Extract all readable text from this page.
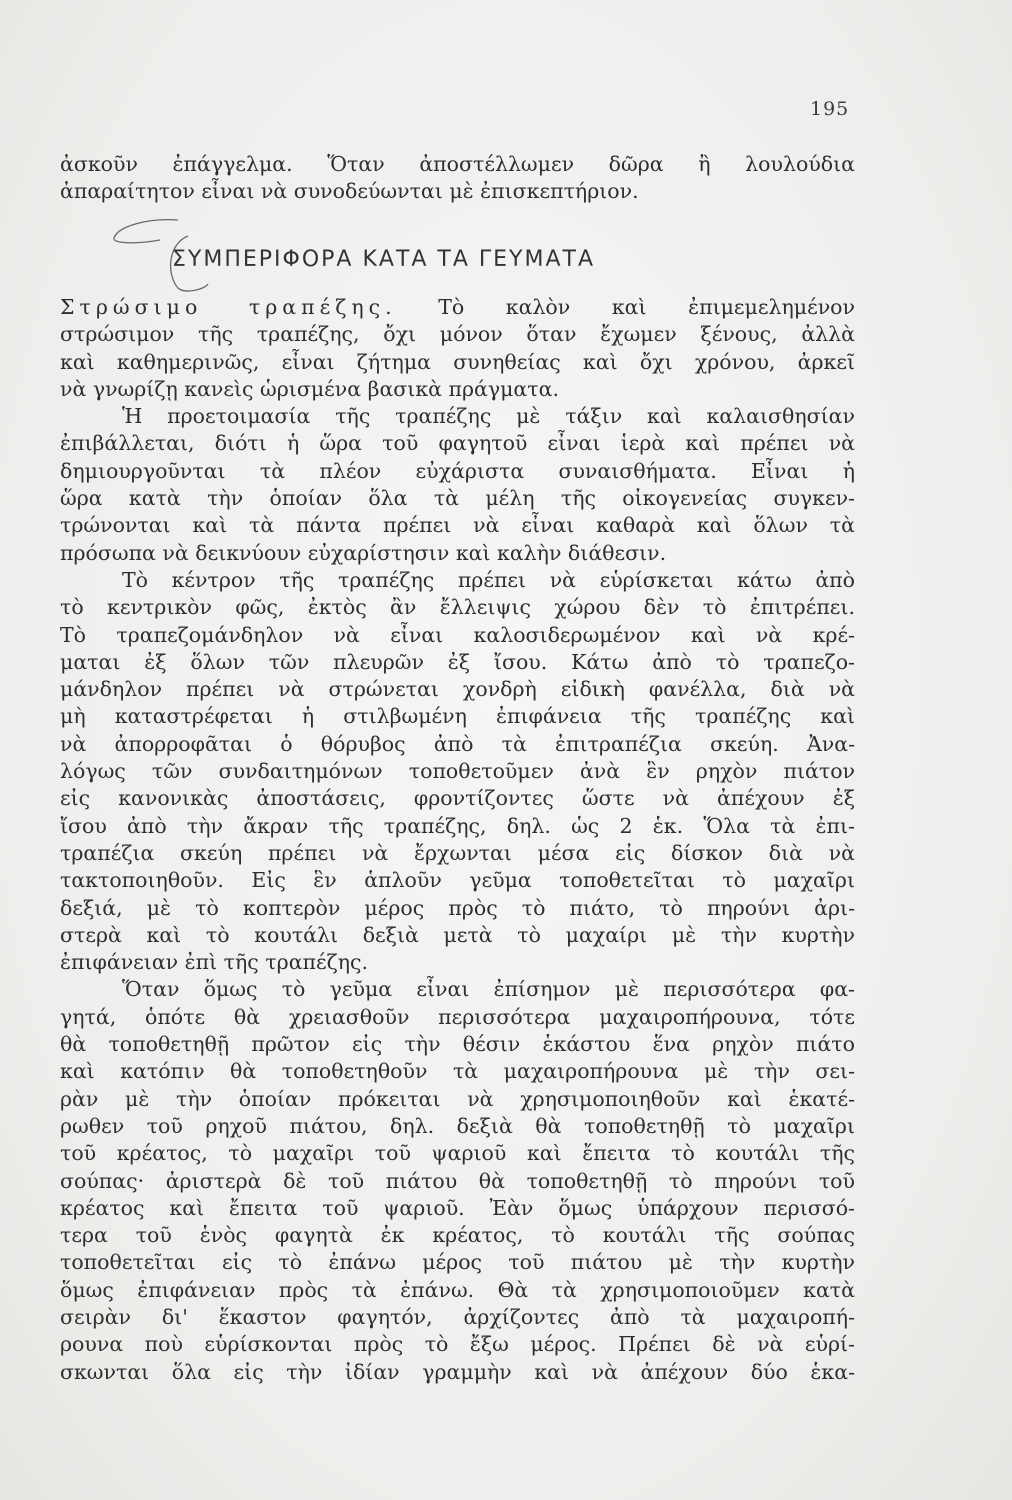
195
ἀσκοῦν ἐπάγγελμα. Ὅταν ἀποστέλλωμεν δῶρα ἢ λουλούδια
ἀπαραίτητον εἶναι νὰ συνοδεύωνται μὲ ἐπισκεπτήριον.
ΣΥΜΠΕΡΙΦΟΡΑ ΚΑΤΑ ΤΑ ΓΕΥΜΑΤΑ
Στρώσιμο τραπέζης. Τὸ καλὸν καὶ ἐπιμεμελημένον
στρώσιμον τῆς τραπέζης, ὄχι μόνον ὅταν ἔχωμεν ξένους, ἀλλὰ
καὶ καθημερινῶς, εἶναι ζήτημα συνηθείας καὶ ὄχι χρόνου, ἀρκεῖ
νὰ γνωρίζῃ κανεὶς ὡρισμένα βασικὰ πράγματα.
Ἡ προετοιμασία τῆς τραπέζης μὲ τάξιν καὶ καλαισθησίαν
ἐπιβάλλεται, διότι ἡ ὥρα τοῦ φαγητοῦ εἶναι ἱερὰ καὶ πρέπει νὰ
δημιουργοῦνται τὰ πλέον εὐχάριστα συναισθήματα. Εἶναι ἡ
ὥρα κατὰ τὴν ὁποίαν ὅλα τὰ μέλη τῆς οἰκογενείας συγκεν-
τρώνονται καὶ τὰ πάντα πρέπει νὰ εἶναι καθαρὰ καὶ ὅλων τὰ
πρόσωπα νὰ δεικνύουν εὐχαρίστησιν καὶ καλὴν διάθεσιν.
Τὸ κέντρον τῆς τραπέζης πρέπει νὰ εὑρίσκεται κάτω ἀπὸ
τὸ κεντρικὸν φῶς, ἐκτὸς ἂν ἔλλειψις χώρου δὲν τὸ ἐπιτρέπει.
Τὸ τραπεζομάνδηλον νὰ εἶναι καλοσιδερωμένον καὶ νὰ κρέ-
μαται ἐξ ὅλων τῶν πλευρῶν ἐξ ἴσου. Κάτω ἀπὸ τὸ τραπεζο-
μάνδηλον πρέπει νὰ στρώνεται χονδρὴ εἰδικὴ φανέλλα, διὰ νὰ
μὴ καταστρέφεται ἡ στιλβωμένη ἐπιφάνεια τῆς τραπέζης καὶ
νὰ ἀπορροφᾶται ὁ θόρυβος ἀπὸ τὰ ἐπιτραπέζια σκεύη. Ἀνα-
λόγως τῶν συνδαιτημόνων τοποθετοῦμεν ἀνὰ ἓν ρηχὸν πιάτον
εἰς κανονικὰς ἀποστάσεις, φροντίζοντες ὥστε νὰ ἀπέχουν ἐξ
ἴσου ἀπὸ τὴν ἄκραν τῆς τραπέζης, δηλ. ὡς 2 ἑκ. Ὅλα τὰ ἐπι-
τραπέζια σκεύη πρέπει νὰ ἔρχωνται μέσα εἰς δίσκον διὰ νὰ
τακτοποιηθοῦν. Εἰς ἓν ἁπλοῦν γεῦμα τοποθετεῖται τὸ μαχαῖρι
δεξιά, μὲ τὸ κοπτερὸν μέρος πρὸς τὸ πιάτο, τὸ πηρούνι ἀρι-
στερὰ καὶ τὸ κουτάλι δεξιὰ μετὰ τὸ μαχαίρι μὲ τὴν κυρτὴν
ἐπιφάνειαν ἐπὶ τῆς τραπέζης.
Ὅταν ὅμως τὸ γεῦμα εἶναι ἐπίσημον μὲ περισσότερα φα-
γητά, ὁπότε θὰ χρειασθοῦν περισσότερα μαχαιροπήρουνα, τότε
θὰ τοποθετηθῇ πρῶτον εἰς τὴν θέσιν ἑκάστου ἕνα ρηχὸν πιάτο
καὶ κατόπιν θὰ τοποθετηθοῦν τὰ μαχαιροπήρουνα μὲ τὴν σει-
ρὰν μὲ τὴν ὁποίαν πρόκειται νὰ χρησιμοποιηθοῦν καὶ ἑκατέ-
ρωθεν τοῦ ρηχοῦ πιάτου, δηλ. δεξιὰ θὰ τοποθετηθῇ τὸ μαχαῖρι
τοῦ κρέατος, τὸ μαχαῖρι τοῦ ψαριοῦ καὶ ἔπειτα τὸ κουτάλι τῆς
σούπας· ἀριστερὰ δὲ τοῦ πιάτου θὰ τοποθετηθῇ τὸ πηρούνι τοῦ
κρέατος καὶ ἔπειτα τοῦ ψαριοῦ. Ἐὰν ὅμως ὑπάρχουν περισσό-
τερα τοῦ ἑνὸς φαγητὰ ἐκ κρέατος, τὸ κουτάλι τῆς σούπας
τοποθετεῖται εἰς τὸ ἐπάνω μέρος τοῦ πιάτου μὲ τὴν κυρτὴν
ὅμως ἐπιφάνειαν πρὸς τὰ ἐπάνω. Θὰ τὰ χρησιμοποιοῦμεν κατὰ
σειρὰν δι' ἕκαστον φαγητόν, ἀρχίζοντες ἀπὸ τὰ μαχαιροπή-
ρουνα ποὺ εὑρίσκονται πρὸς τὸ ἔξω μέρος. Πρέπει δὲ νὰ εὑρί-
σκωνται ὅλα εἰς τὴν ἰδίαν γραμμὴν καὶ νὰ ἀπέχουν δύο ἑκα-
